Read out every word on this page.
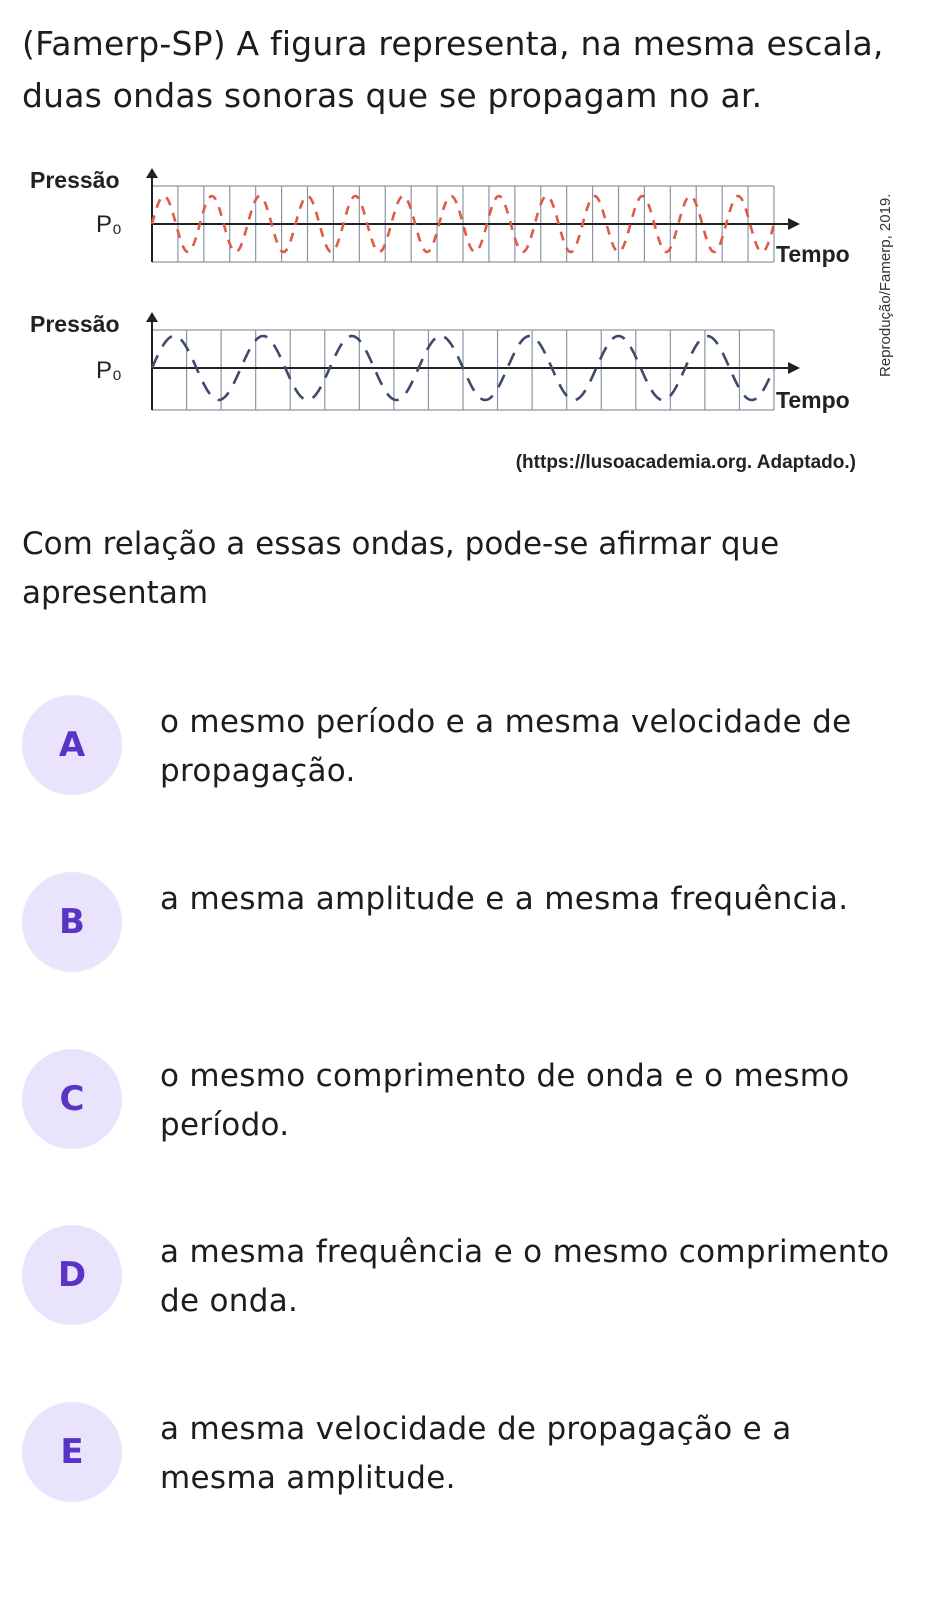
(Famerp-SP) A figura representa, na mesma escala, duas ondas sonoras que se propagam no ar.

Pressão
P₀
Tempo
Pressão
P₀
Tempo
Reprodução/Famerp, 2019.
(https://lusoacademia.org. Adaptado.)

Com relação a essas ondas, pode-se afirmar que apresentam

A
o mesmo período e a mesma velocidade de propagação.
B
a mesma amplitude e a mesma frequência.
C
o mesmo comprimento de onda e o mesmo período.
D
a mesma frequência e o mesmo comprimento de onda.
E
a mesma velocidade de propagação e a mesma amplitude.
